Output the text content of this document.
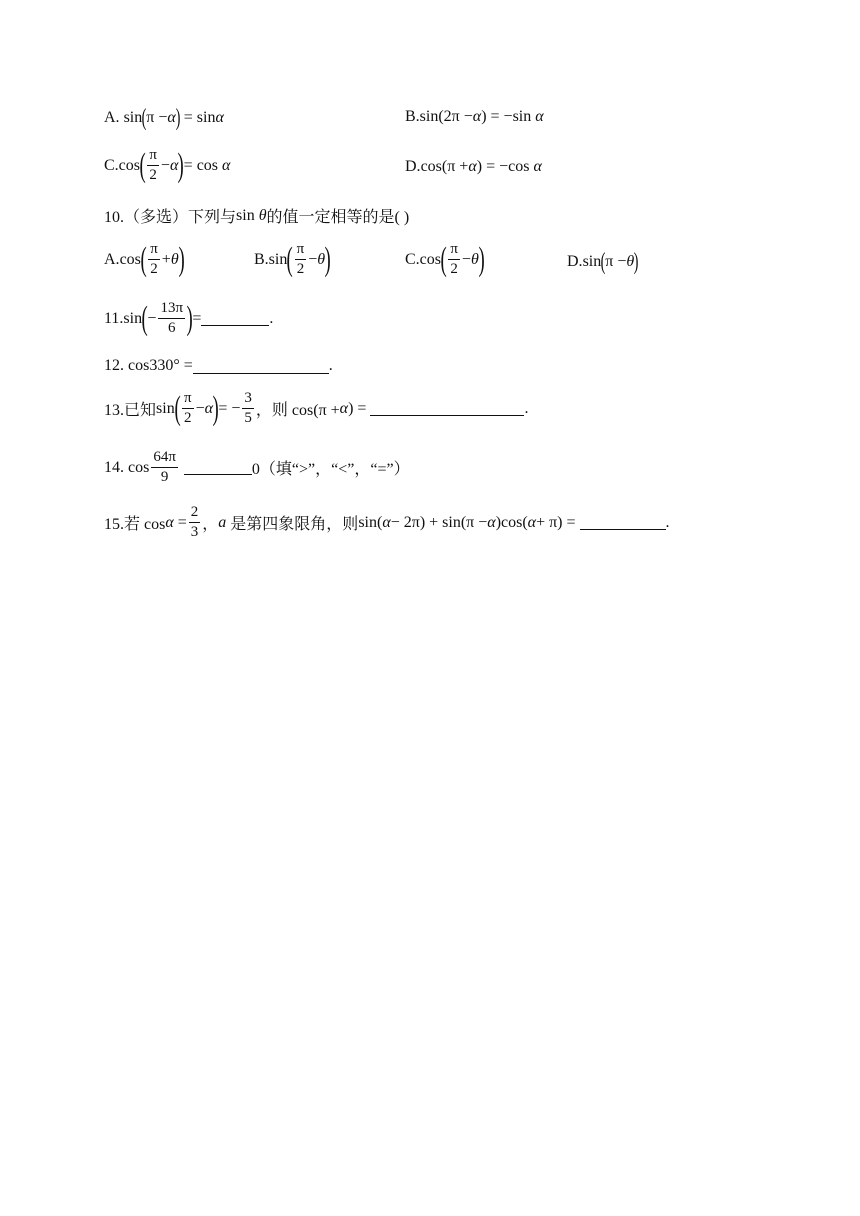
A. sin ( π − α ) = sin α	B. sin(2π − α ) = −sin α
C. cos ( $\frac{\pi}{2} - \alpha$ ) = cos α	D. cos(π + α ) = −cos α
10.（多选）下列与 sin θ 的值一定相等的是( )
A. cos ( $\frac{\pi}{2} + \theta$ )	B. sin ( $\frac{\pi}{2} - \theta$ )	C. cos ( $\frac{\pi}{2} - \theta$ )	D. sin ( π − θ )
11. sin ( − $\frac{13\pi}{6}$ ) =	.
12. cos330° =	.
13.已知 sin ( $\frac{\pi}{2} - \alpha$ ) = − $\frac{3}{5}$ ，则 cos(π + α ) =	.
14. $\cos \frac{64\pi}{9}$	0（填“>”，“<”，“=”）
15.若 $\cos \alpha = \frac{2}{3}$ ， a 是第四象限角，则 sin( α − 2π) + sin(π − α )cos( α + π) =	.
